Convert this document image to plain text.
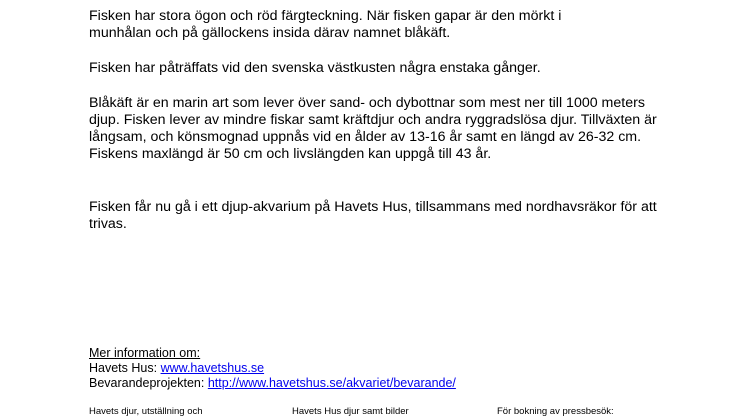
Fisken har stora ögon och röd färgteckning. När fisken gapar är den mörkt i munhålan och på gällockens insida därav namnet blåkäft.

Fisken har påträffats vid den svenska västkusten några enstaka gånger.

Blåkäft är en marin art som lever över sand- och dybottnar som mest ner till 1000 meters djup. Fisken lever av mindre fiskar samt kräftdjur och andra ryggradslösa djur. Tillväxten är långsam, och könsmognad uppnås vid en ålder av 13-16 år samt en längd av 26-32 cm. Fiskens maxlängd är 50 cm och livslängden kan uppgå till 43 år.

Fisken får nu gå i ett djup-akvarium på Havets Hus, tillsammans med nordhavsräkor för att trivas.

Mer information om:
Havets Hus: www.havetshus.se
Bevarandeprojekten: http://www.havetshus.se/akvariet/bevarande/
Havets djur, utställning och	Havets Hus djur samt bilder	För bokning av pressbesök:
